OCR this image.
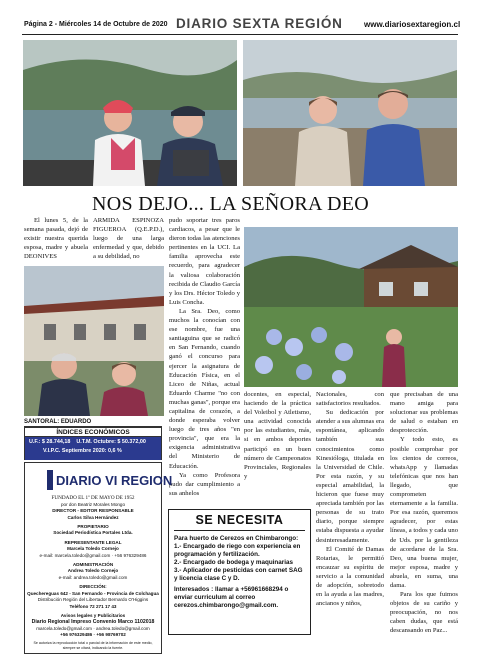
Página 2 - Miércoles 14 de Octubre de 2020 DIARIO SEXTA REGIÓN	www.diariosextaregion.cl
NOS DEJO... LA SEÑORA DEO

El lunes 5, de la semana pasada, dejó de existir nuestra querida esposa, madre y abuela DEONIVES

ARMIDA ESPINOZA FIGUEROA (Q.E.P.D.), luego de una larga enfermedad y que, debido a su debilidad, no

pudo soportar tres paros cardiacos, a pesar que le dieron todas las atenciones pertinentes en la UCI. La familia aprovecha este recuerdo, para agradecer la valiosa colaboración recibida de Claudio García y los Drs. Héctor Toledo y Luis Concha.

La Sra. Deo, como muchos la conocían con ese nombre, fue una santiaguina que se radicó en San Fernando, cuando ganó el concurso para ejercer la asignatura de Educación Física, en el Liceo de Niñas, actual Eduardo Charme "no con muchas ganas", porque era capitalina de corazón, a donde esperaba volver luego de tres años "en provincia", que era la exigencia administrativa del Ministerio de Educación.

Ya como Profesora pudo dar cumplimiento a sus anhelos

docentes, en especial, haciendo de la práctica del Voleibol y Atletismo, una actividad conocida por las estudiantes, más, si en ambos deportes participó en un buen número de Campeonatos Provinciales, Regionales y

Nacionales, con satisfactorios resultados.

Su dedicación por atender a sus alumnas era espontánea, aplicando también sus conocimientos como Kinesióloga, titulada en la Universidad de Chile. Por esta razón, y su especial amabilidad, la hicieron que fuese muy apreciada también por las personas de su trato diario, porque siempre estaba dispuesta a ayudar desinteresadamente.

El Comité de Damas Rotarias, le permitió encauzar su espíritu de servicio a la comunidad de adopción, sobretodo en la ayuda a las madres, ancianos y niños,

que precisaban de una mano amiga para solucionar sus problemas de salud o estaban en desprotección.

Y todo esto, es posible comprobar por los cientos de correos, whatsApp y llamadas telefónicas que nos han llegado, que comprometen eternamente a la familia. Por esa razón, queremos agradecer, por estas líneas, a todos y cada uno de Uds. por la gentileza de acordarse de la Sra. Deo, una buena mujer, mejor esposa, madre y abuela, en suma, una dama.

Para los que fuimos objetos de su cariño y preocupación, no nos caben dudas, que está descansando en Paz...

SANTORAL: EDUARDO
ÍNDICES ECONÓMICOS
U.F.: $ 28.744,18 U.T.M. Octubre: $ 50.372,00
V.I.P.C. Septiembre 2020: 0,6 %
DIARIO VI REGION
FUNDADO EL 1º DE MAYO DE 1952
por don Beatriz Morales Mongo
DIRECTOR - EDITOR RESPONSABLE
Carlos Silva Hernández
PROPIETARIO
Sociedad Periodística Portales Ltda.
REPRESENTANTE LEGAL
Marcela Toledo Cornejo
e-mail: marcela.toledo@gmail.com · +56 976329486
ADMINISTRACIÓN
Andrea Toledo Cornejo
e-mail: andrea.toledo@gmail.com
DIRECCIÓN:
Quechereguas 642 - San Fernando - Provincia de Colchagua
Distribución Región del Libertador Bernardo O'Higgins
Teléfono 72 271 17 43
Avisos legales y Publicitarios
Diario Regional Impreso Convenio Marco 1102018
marcela.toledo@gmail.com · andrea.toledo@gmail.com
+56 976329486 · +56 98769702
Se autoriza la reproducción total o parcial de la información de este medio, siempre se citará, indicando la fuente.
SE NECESITA
Para huerto de Cerezos en Chimbarongo:
1.- Encargado de riego con experiencia en programación y fertilización.
2.- Encargado de bodega y maquinarias
3.- Aplicador de pesticidas con carnet SAG y licencia clase C y D.
Interesados : llamar a +56961668294 o enviar curriculum al correo cerezos.chimbarongo@gmail.com.
